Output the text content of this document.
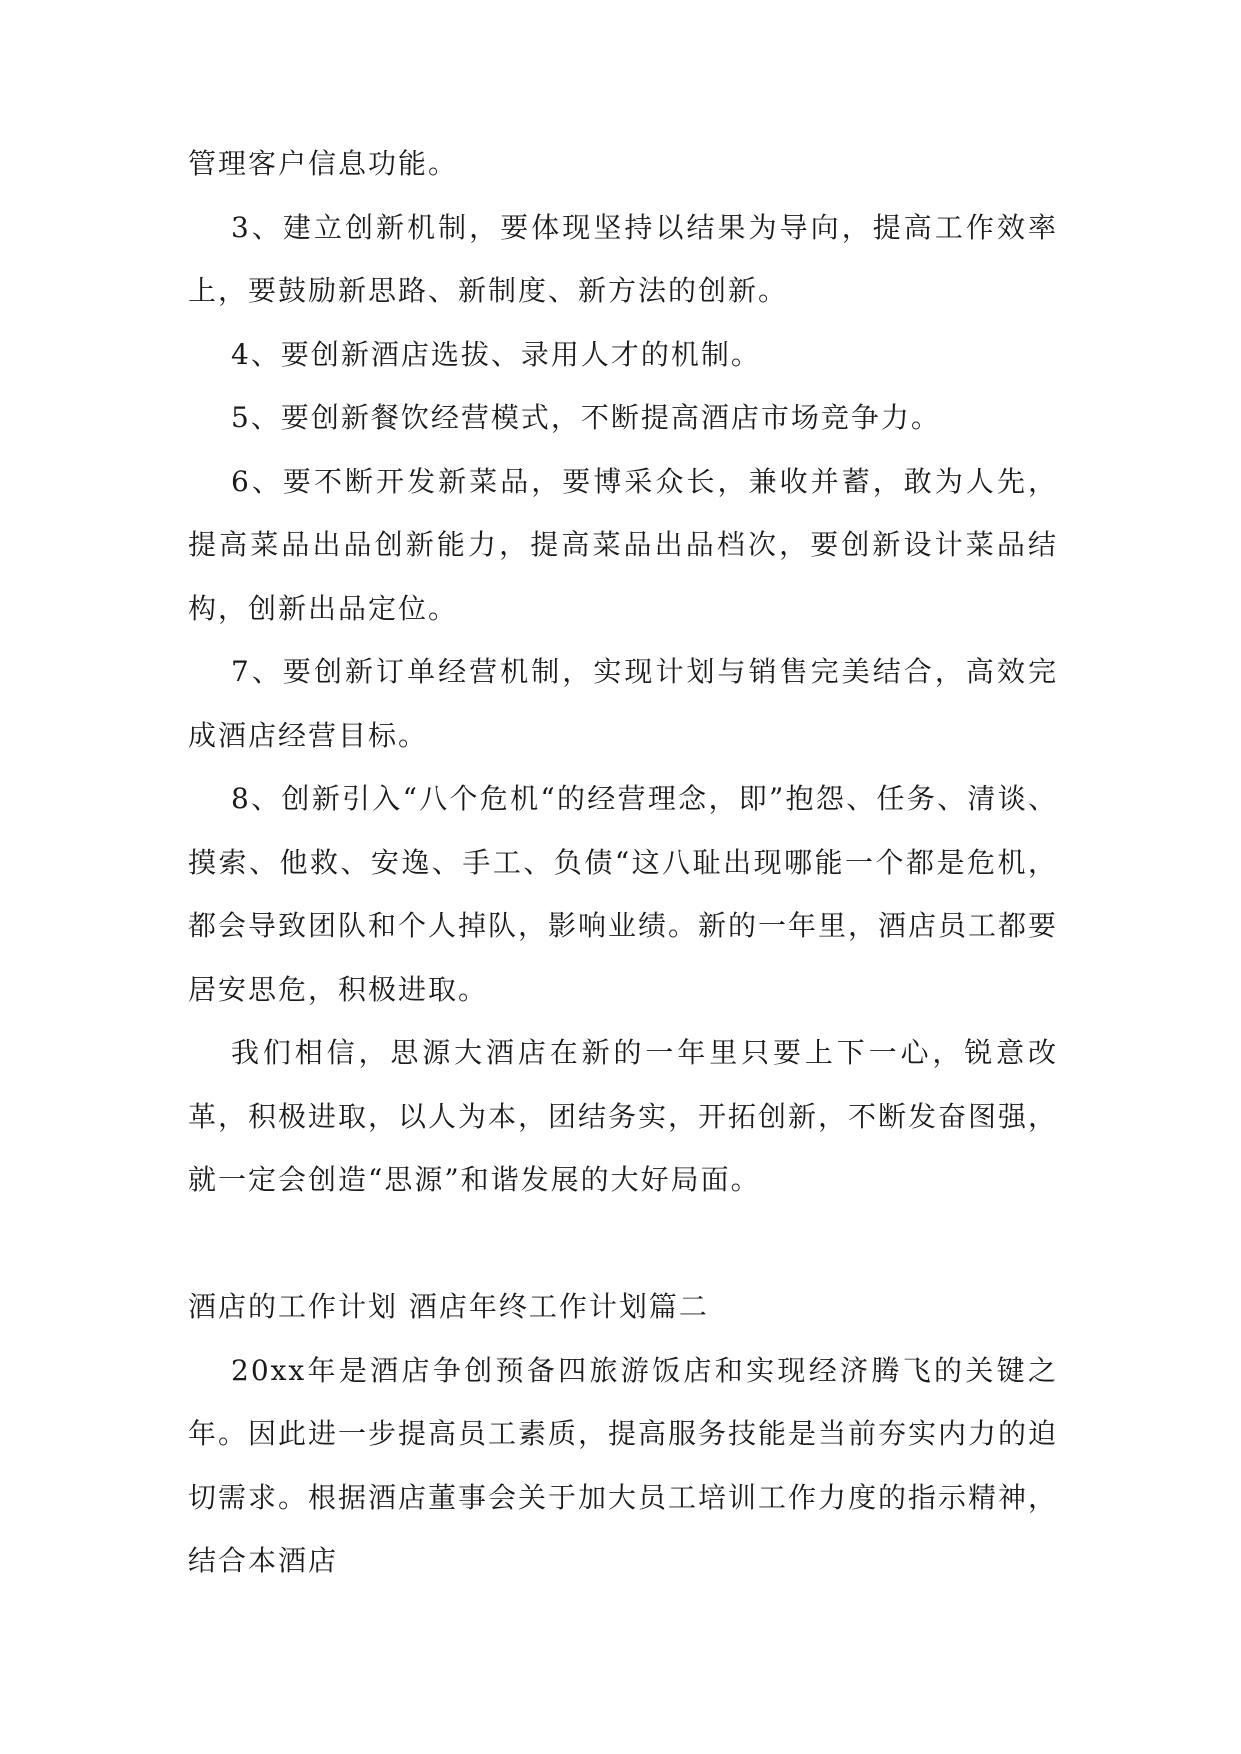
管理客户信息功能。

3、建立创新机制，要体现坚持以结果为导向，提高工作效率上，要鼓励新思路、新制度、新方法的创新。

4、要创新酒店选拔、录用人才的机制。

5、要创新餐饮经营模式，不断提高酒店市场竞争力。

6、要不断开发新菜品，要博采众长，兼收并蓄，敢为人先，提高菜品出品创新能力，提高菜品出品档次，要创新设计菜品结构，创新出品定位。

7、要创新订单经营机制，实现计划与销售完美结合，高效完成酒店经营目标。

8、创新引入“八个危机“的经营理念，即”抱怨、任务、清谈、摸索、他救、安逸、手工、负债“这八耻出现哪能一个都是危机，都会导致团队和个人掉队，影响业绩。新的一年里，酒店员工都要居安思危，积极进取。

我们相信，思源大酒店在新的一年里只要上下一心，锐意改革，积极进取，以人为本，团结务实，开拓创新，不断发奋图强，就一定会创造“思源”和谐发展的大好局面。

酒店的工作计划 酒店年终工作计划篇二

20xx年是酒店争创预备四旅游饭店和实现经济腾飞的关键之年。因此进一步提高员工素质，提高服务技能是当前夯实内力的迫切需求。根据酒店董事会关于加大员工培训工作力度的指示精神，结合本酒店
